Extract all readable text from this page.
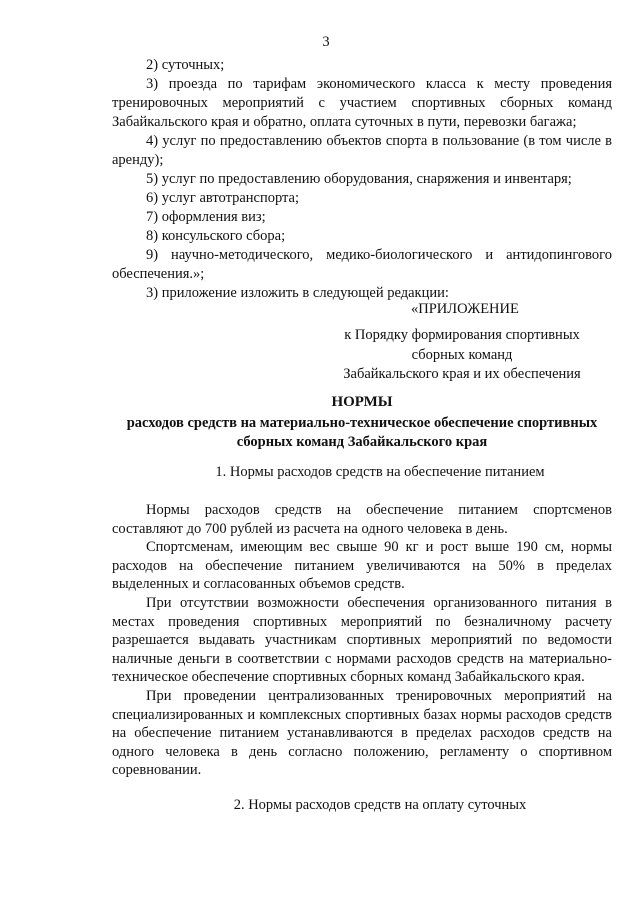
3

2) суточных;

3) проезда по тарифам экономического класса к месту проведения тренировочных мероприятий с участием спортивных сборных команд Забайкальского края и обратно, оплата суточных в пути, перевозки багажа;

4) услуг по предоставлению объектов спорта в пользование (в том числе в аренду);

5) услуг по предоставлению оборудования, снаряжения и инвентаря;

6) услуг автотранспорта;

7) оформления виз;

8) консульского сбора;

9) научно-методического, медико-биологического и антидопингового обеспечения.»;

3) приложение изложить в следующей редакции:

«ПРИЛОЖЕНИЕ
к Порядку формирования спортивных
сборных команд
Забайкальского края и их обеспечения
НОРМЫ
расходов средств на материально-техническое обеспечение спортивных сборных команд Забайкальского края
1. Нормы расходов средств на обеспечение питанием

Нормы расходов средств на обеспечение питанием спортсменов составляют до 700 рублей из расчета на одного человека в день.

Спортсменам, имеющим вес свыше 90 кг и рост выше 190 см, нормы расходов на обеспечение питанием увеличиваются на 50% в пределах выделенных и согласованных объемов средств.

При отсутствии возможности обеспечения организованного питания в местах проведения спортивных мероприятий по безналичному расчету разрешается выдавать участникам спортивных мероприятий по ведомости наличные деньги в соответствии с нормами расходов средств на материально-техническое обеспечение спортивных сборных команд Забайкальского края.

При проведении централизованных тренировочных мероприятий на специализированных и комплексных спортивных базах нормы расходов средств на обеспечение питанием устанавливаются в пределах расходов средств на одного человека в день согласно положению, регламенту о спортивном соревновании.

2. Нормы расходов средств на оплату суточных
